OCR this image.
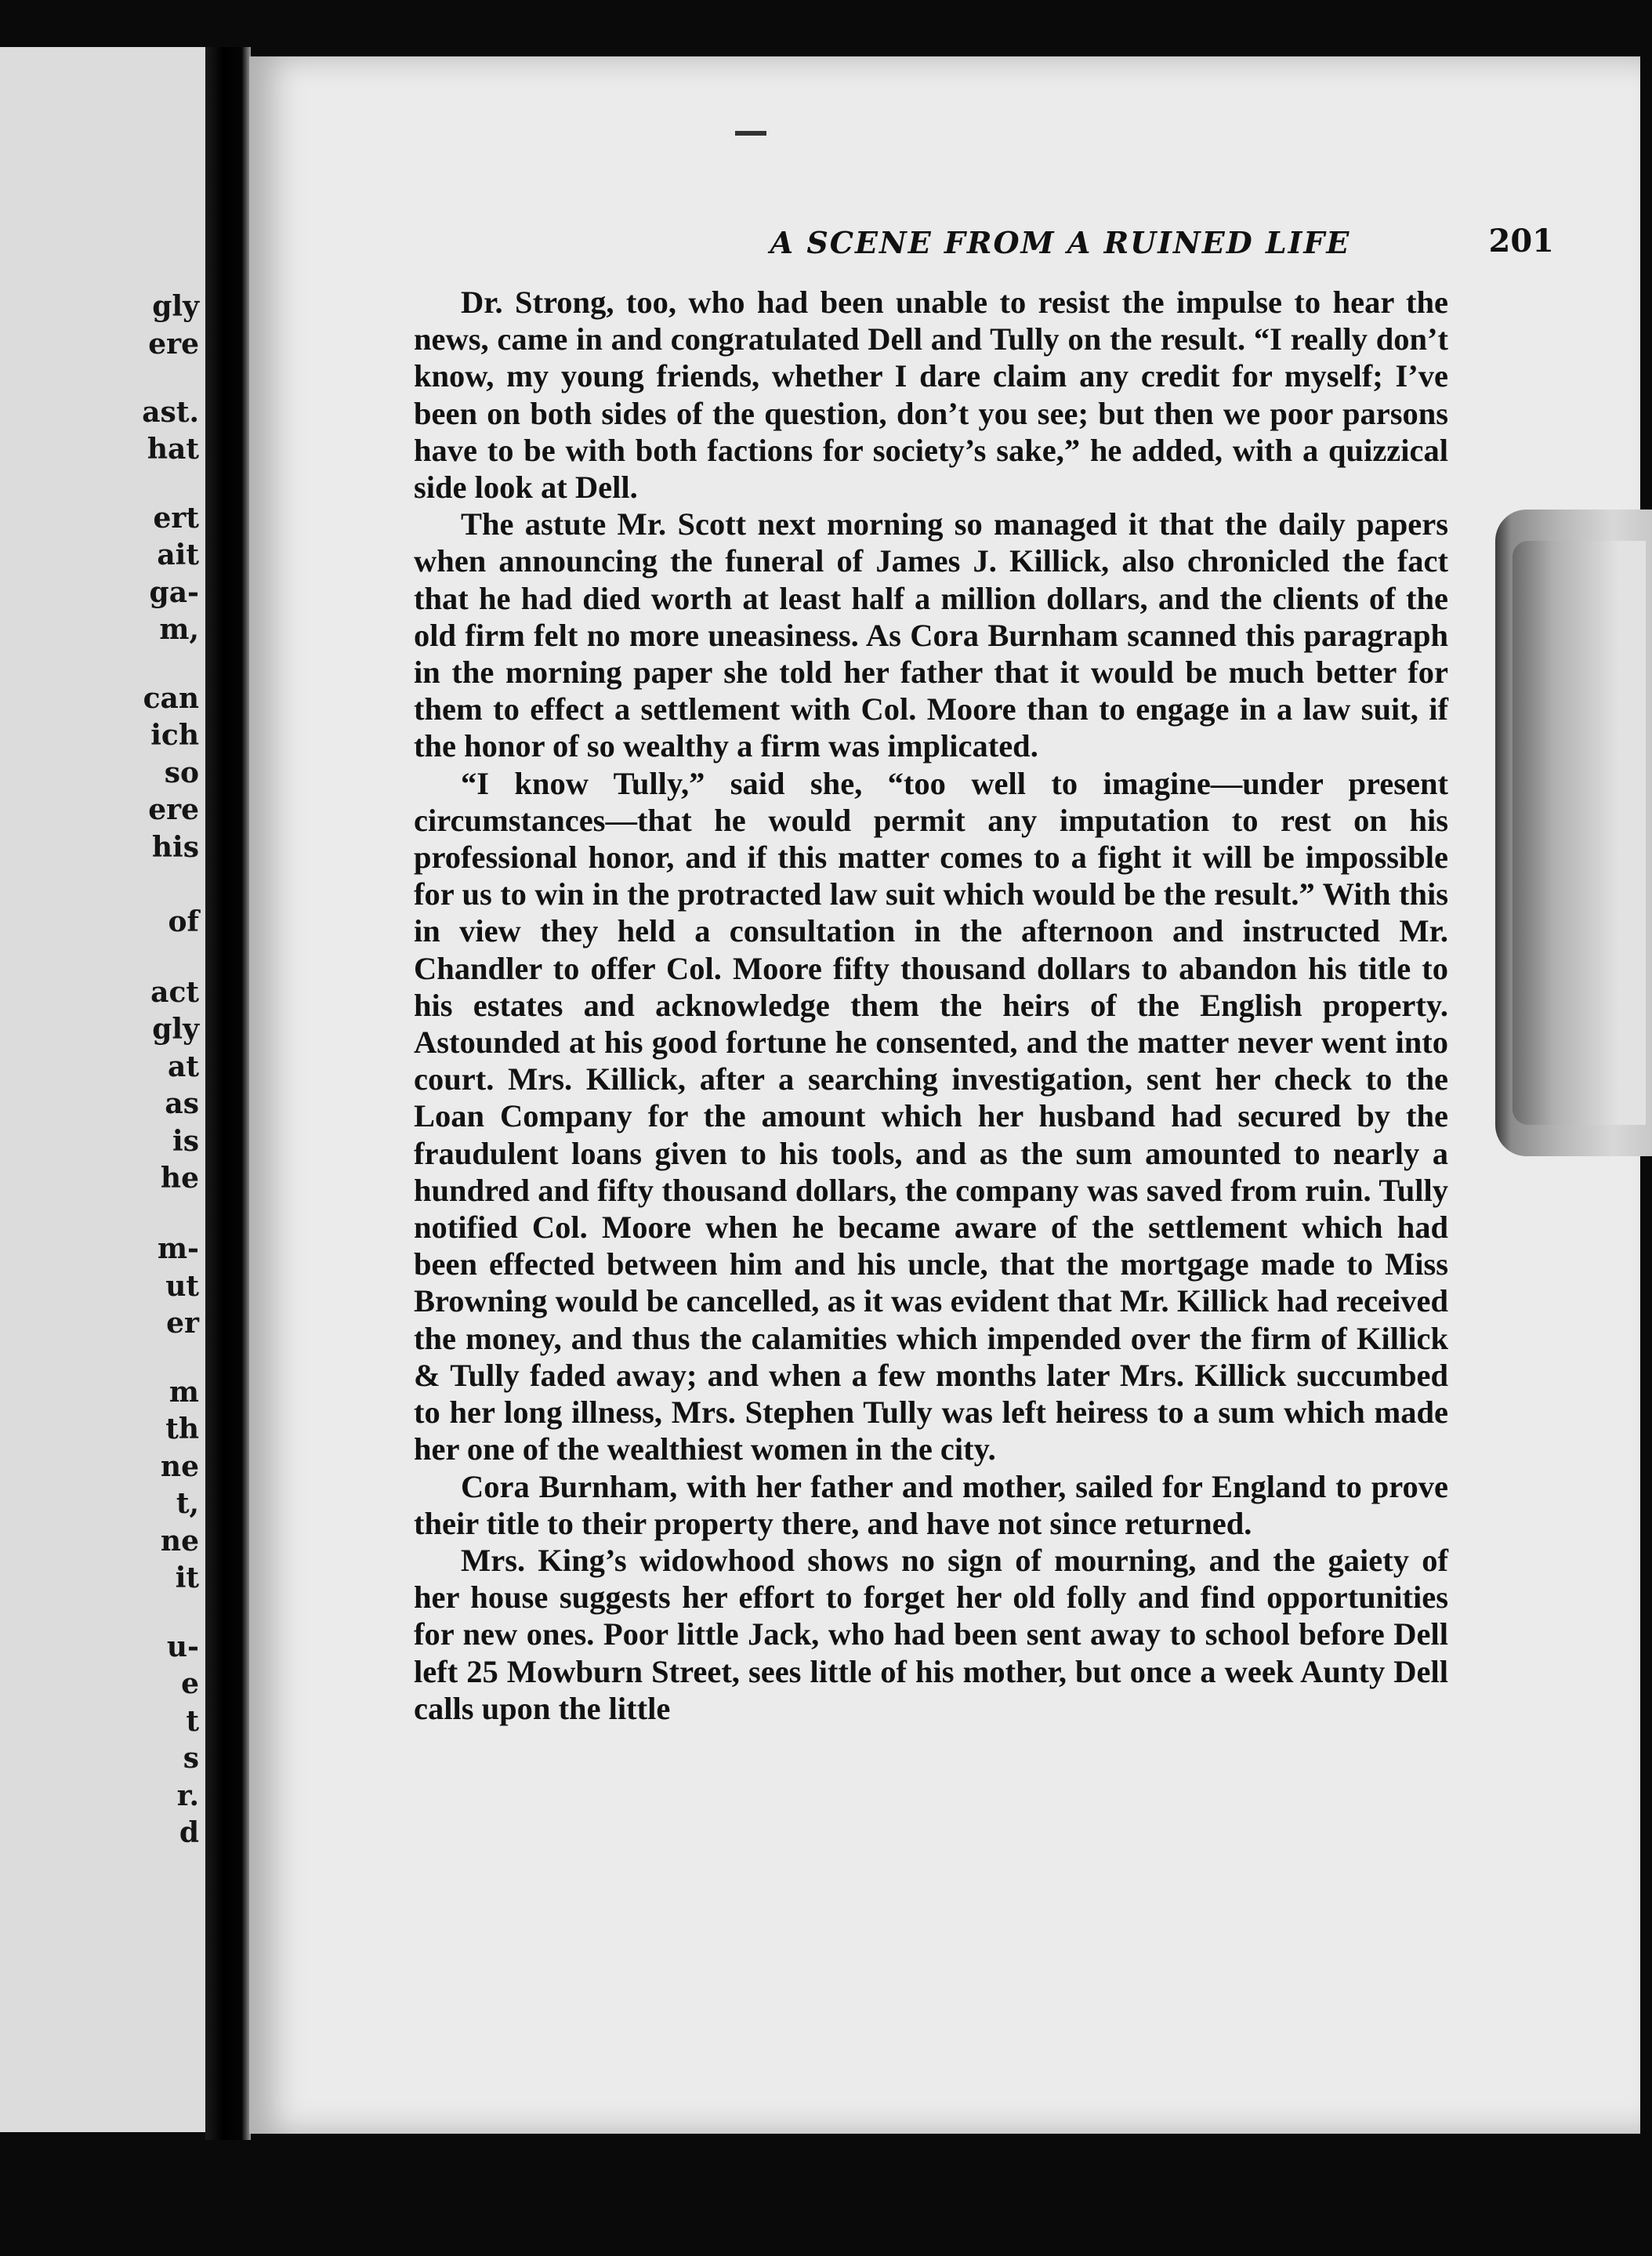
gly
ere
ast.
hat
ert
ait
ga-
m,
can
ich
so
ere
his
of
act
gly
at
as
is
he
m-
ut
er
m
th
ne
t,
ne
it
u-
e
t
s
r.
d
A SCENE FROM A RUINED LIFE	201

Dr. Strong, too, who had been unable to resist the impulse to hear the news, came in and congratulated Dell and Tully on the result. “I really don’t know, my young friends, whether I dare claim any credit for myself; I’ve been on both sides of the question, don’t you see; but then we poor parsons have to be with both factions for society’s sake,” he added, with a quizzical side look at Dell.

The astute Mr. Scott next morning so managed it that the daily papers when announcing the funeral of James J. Killick, also chronicled the fact that he had died worth at least half a million dollars, and the clients of the old firm felt no more uneasiness. As Cora Burnham scanned this paragraph in the morning paper she told her father that it would be much better for them to effect a settlement with Col. Moore than to engage in a law suit, if the honor of so wealthy a firm was implicated.

“I know Tully,” said she, “too well to imagine—under present circumstances—that he would permit any imputation to rest on his professional honor, and if this matter comes to a fight it will be impossible for us to win in the protracted law suit which would be the result.” With this in view they held a consultation in the afternoon and instructed Mr. Chandler to offer Col. Moore fifty thousand dollars to abandon his title to his estates and acknowledge them the heirs of the English property. Astounded at his good fortune he consented, and the matter never went into court. Mrs. Killick, after a searching investigation, sent her check to the Loan Company for the amount which her husband had secured by the fraudulent loans given to his tools, and as the sum amounted to nearly a hundred and fifty thousand dollars, the company was saved from ruin. Tully notified Col. Moore when he became aware of the settlement which had been effected between him and his uncle, that the mortgage made to Miss Browning would be cancelled, as it was evident that Mr. Killick had received the money, and thus the calamities which impended over the firm of Killick & Tully faded away; and when a few months later Mrs. Killick succumbed to her long illness, Mrs. Stephen Tully was left heiress to a sum which made her one of the wealthiest women in the city.

Cora Burnham, with her father and mother, sailed for England to prove their title to their property there, and have not since returned.

Mrs. King’s widowhood shows no sign of mourning, and the gaiety of her house suggests her effort to forget her old folly and find opportunities for new ones. Poor little Jack, who had been sent away to school before Dell left 25 Mowburn Street, sees little of his mother, but once a week Aunty Dell calls upon the little
